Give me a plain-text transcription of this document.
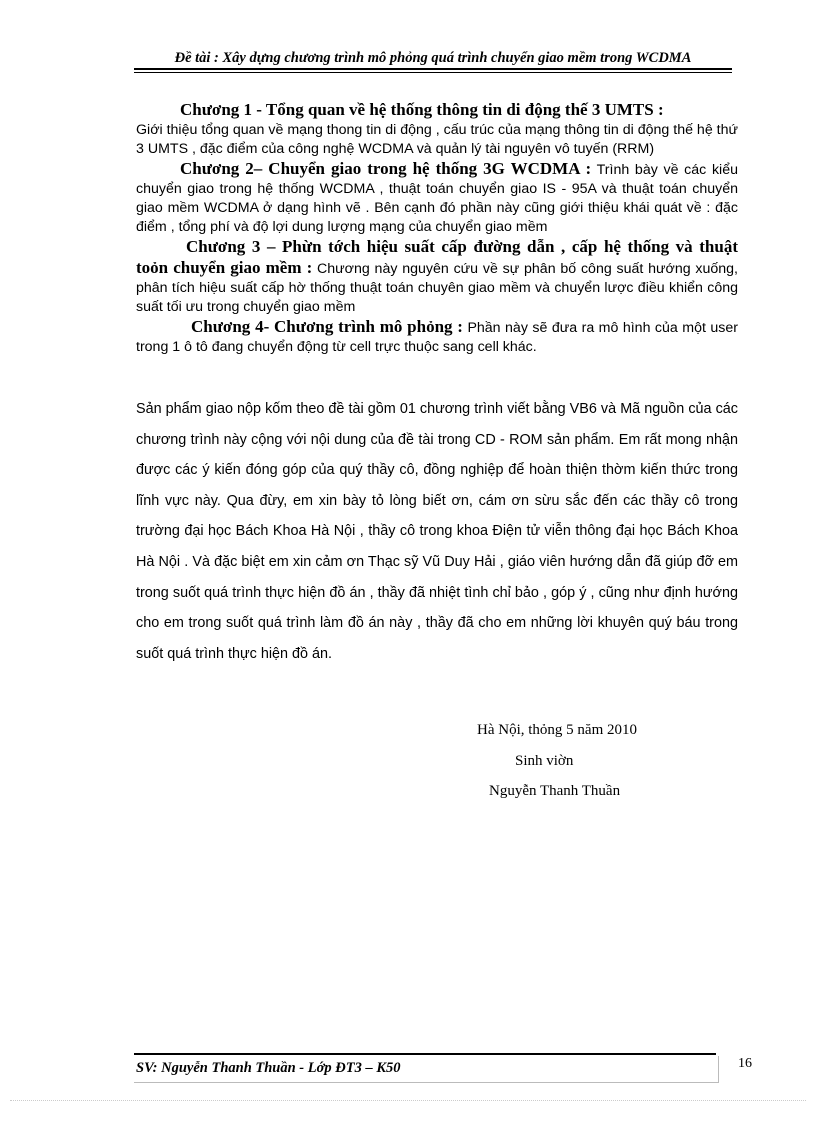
Đề tài : Xây dựng chương trình mô phỏng quá trình chuyển giao mềm trong WCDMA

Chương 1 - Tổng quan về hệ thống thông tin di động thế 3 UMTS :
Giới thiệu tổng quan về mạng thong tin di động , cấu trúc của mạng thông tin di động thế hệ thứ 3 UMTS , đặc điểm của công nghệ WCDMA và quản lý tài nguyên vô tuyến (RRM)

Chương 2– Chuyển giao trong hệ thống 3G WCDMA : Trình bày về các kiểu chuyển giao trong hệ thống WCDMA , thuật toán chuyển giao IS - 95A và thuật toán chuyển giao mềm WCDMA ở dạng hình vẽ . Bên cạnh đó phần này cũng giới thiệu khái quát về : đặc điểm , tổng phí và độ lợi dung lượng mạng của chuyển giao mềm

Chương 3 – Phừn tớch hiệu suất cấp đường dẫn , cấp hệ thống và thuật toỏn chuyển giao mềm : Chương này nguyên cứu về sự phân bố công suất hướng xuống, phân tích hiệu suất cấp hờ thống thuật toán chuyên giao mềm và chuyển lược điều khiển công suất tối ưu trong chuyển giao mềm

Chương 4- Chương trình mô phỏng : Phần này sẽ đưa ra mô hình của một user trong 1 ô tô đang chuyển động từ cell trực thuộc sang cell khác.

Sản phẩm giao nộp kốm theo đề tài gồm 01 chương trình viết bằng VB6 và Mã nguồn của các chương trình này cộng với nội dung của đề tài trong CD - ROM sản phẩm. Em rất mong nhận được các ý kiến đóng góp của quý thầy cô, đồng nghiệp để hoàn thiện thờm kiến thức trong lĩnh vực này. Qua đừy, em xin bày tỏ lòng biết ơn, cám ơn sừu sắc đến các thầy cô trong trường đại học Bách Khoa Hà Nội , thầy cô trong khoa Điện tử viễn thông đại học Bách Khoa Hà Nội . Và đặc biệt em xin cảm ơn Thạc sỹ Vũ Duy Hải , giáo viên hướng dẫn đã giúp đỡ em trong suốt quá trình thực hiện đồ án , thầy đã nhiệt tình chỉ bảo , góp ý , cũng như định hướng cho em trong suốt quá trình làm đồ án này , thầy đã cho em những lời khuyên quý báu trong suốt quá trình thực hiện đồ án.

Hà Nội, thỏng 5 năm 2010
Sinh viờn
Nguyễn Thanh Thuần
SV: Nguyễn Thanh Thuần - Lớp ĐT3 – K50	16
